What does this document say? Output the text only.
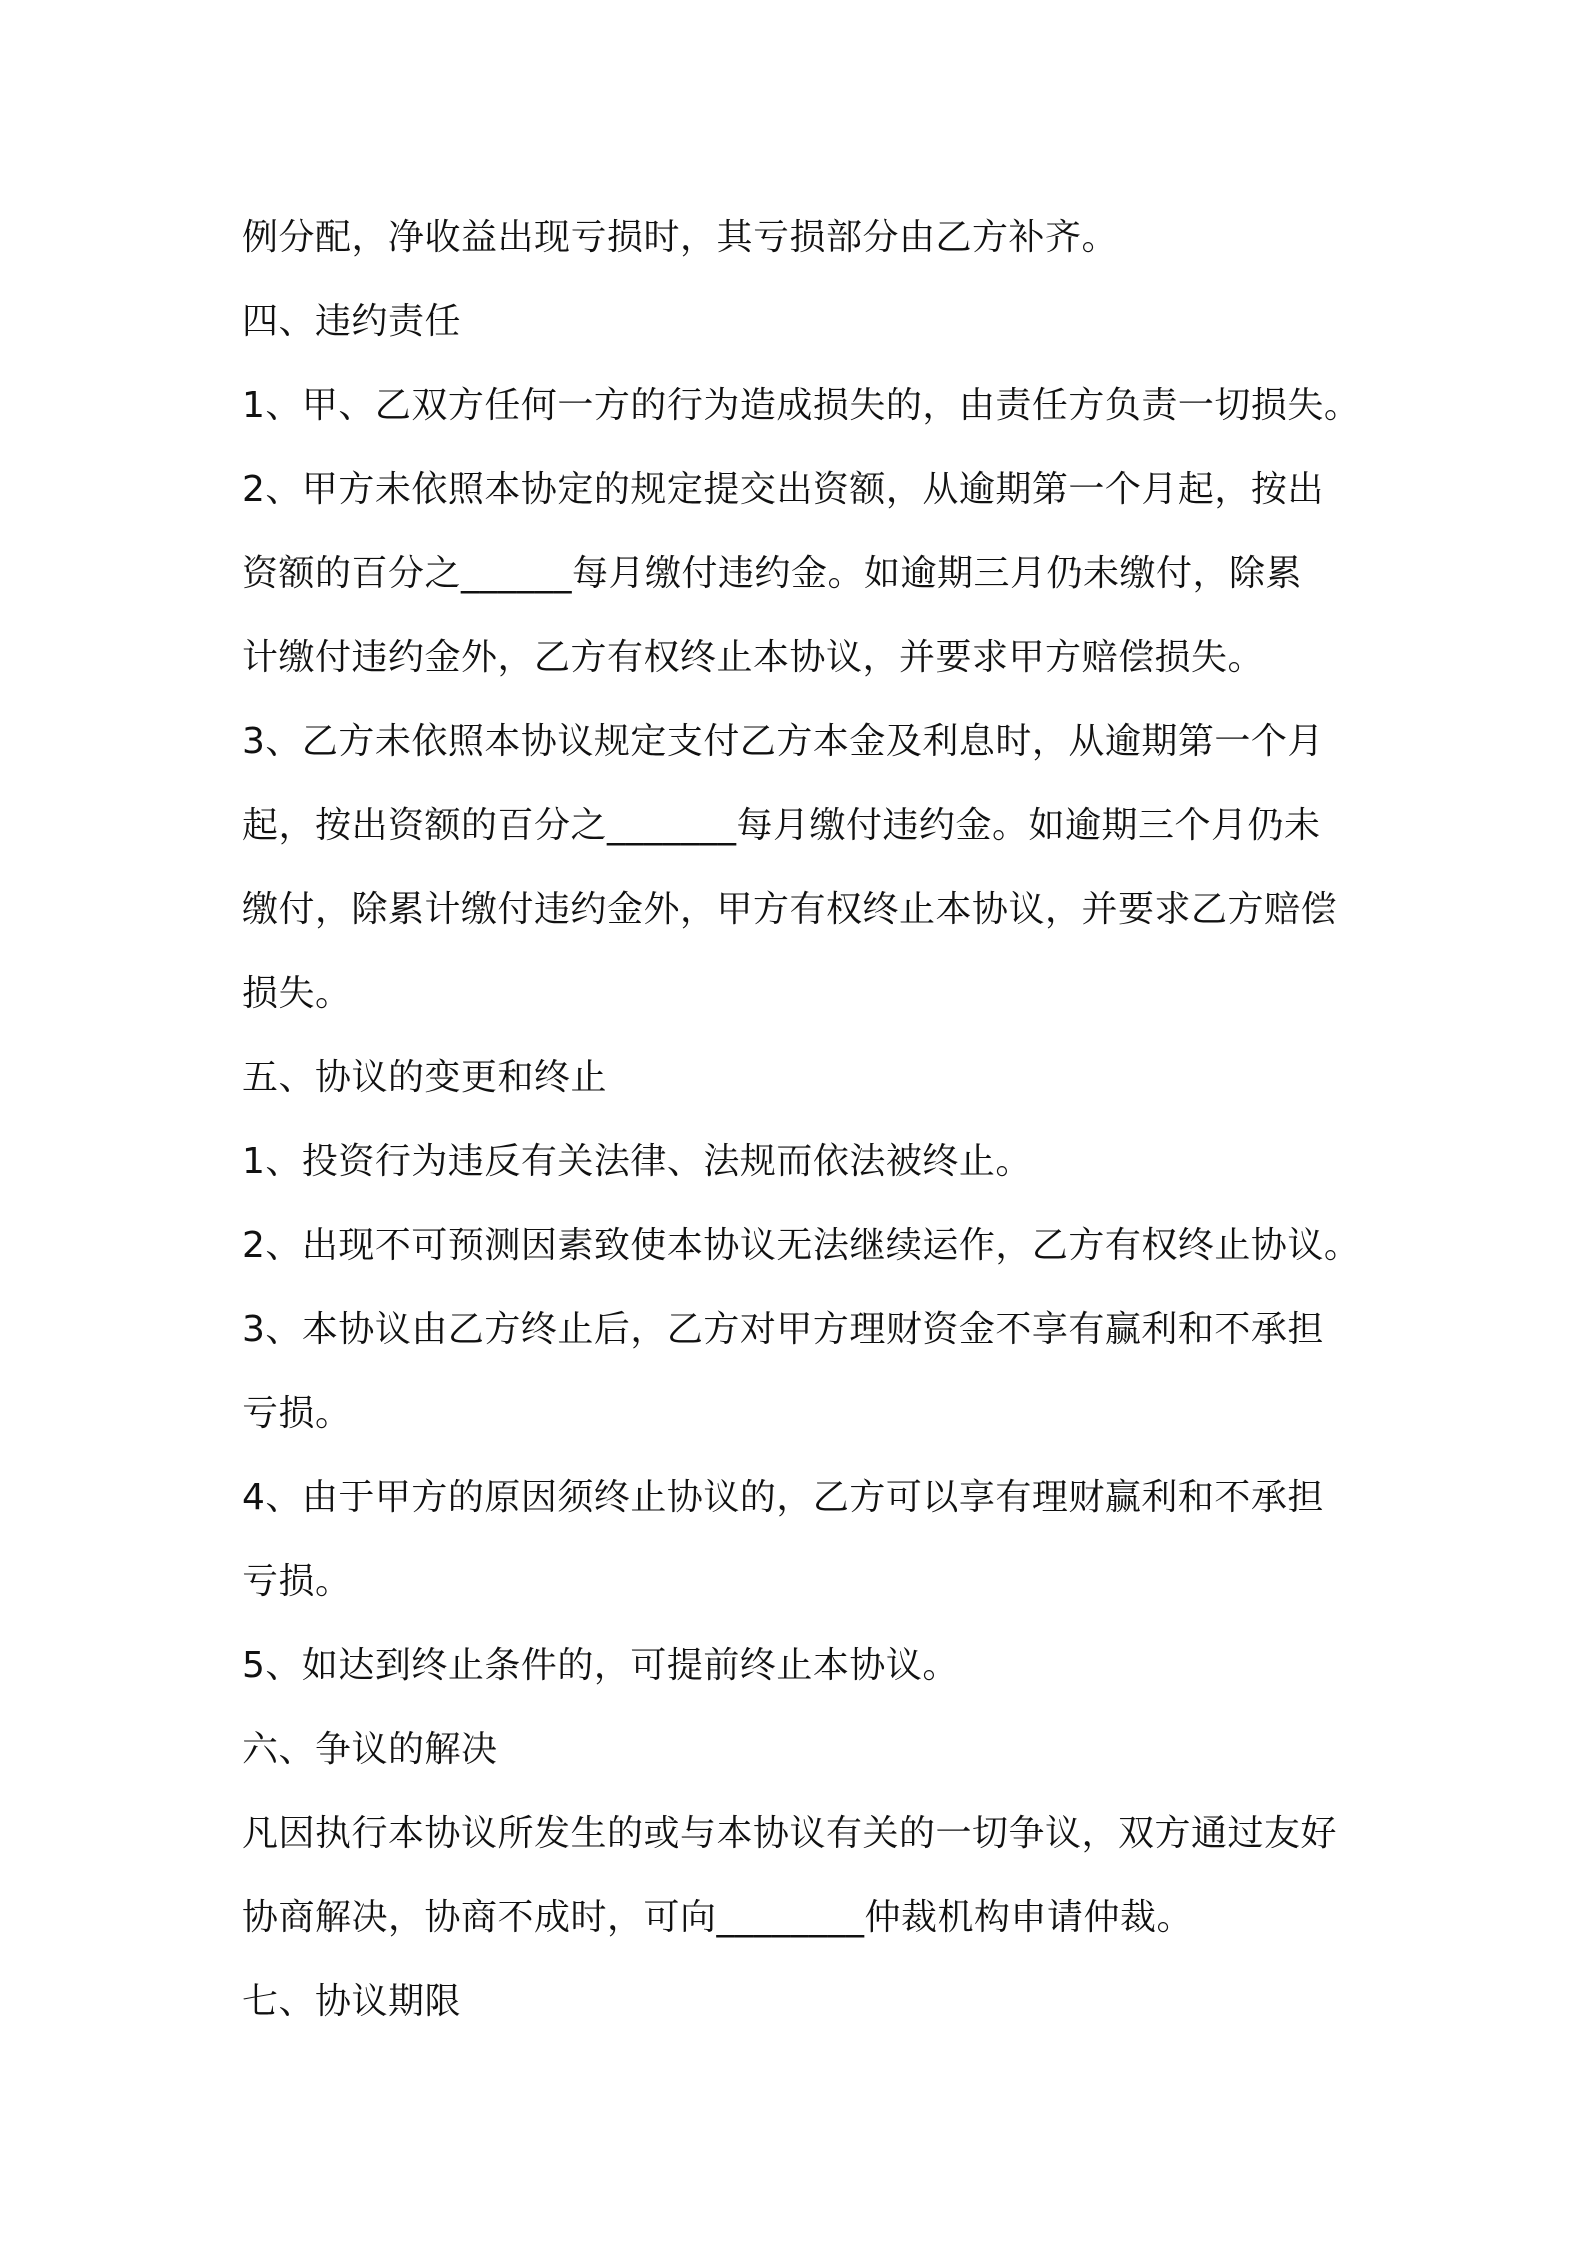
例分配，净收益出现亏损时，其亏损部分由乙方补齐。
四、违约责任
1、甲、乙双方任何一方的行为造成损失的，由责任方负责一切损失。
2、甲方未依照本协定的规定提交出资额，从逾期第一个月起，按出
资额的百分之______每月缴付违约金。如逾期三月仍未缴付，除累
计缴付违约金外，乙方有权终止本协议，并要求甲方赔偿损失。
3、乙方未依照本协议规定支付乙方本金及利息时，从逾期第一个月
起，按出资额的百分之_______每月缴付违约金。如逾期三个月仍未
缴付，除累计缴付违约金外，甲方有权终止本协议，并要求乙方赔偿
损失。
五、协议的变更和终止
1、投资行为违反有关法律、法规而依法被终止。
2、出现不可预测因素致使本协议无法继续运作，乙方有权终止协议。
3、本协议由乙方终止后，乙方对甲方理财资金不享有赢利和不承担
亏损。
4、由于甲方的原因须终止协议的，乙方可以享有理财赢利和不承担
亏损。
5、如达到终止条件的，可提前终止本协议。
六、争议的解决
凡因执行本协议所发生的或与本协议有关的一切争议，双方通过友好
协商解决，协商不成时，可向________仲裁机构申请仲裁。
七、协议期限
